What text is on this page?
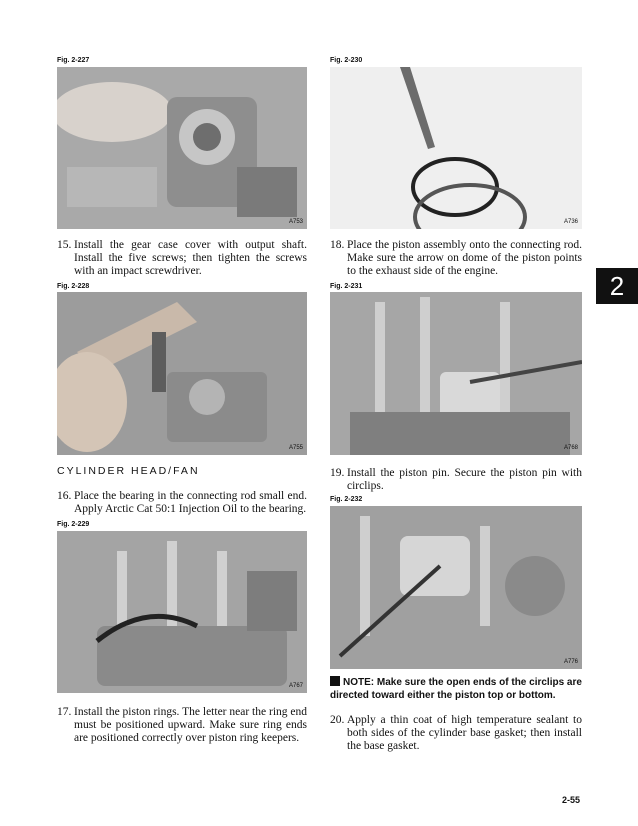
Fig. 2-227
A753
15. Install the gear case cover with output shaft. Install the five screws; then tighten the screws with an impact screwdriver.
Fig. 2-228
A755
CYLINDER HEAD/FAN
16. Place the bearing in the connecting rod small end. Apply Arctic Cat 50:1 Injection Oil to the bearing.
Fig. 2-229
A767
17. Install the piston rings. The letter near the ring end must be positioned upward. Make sure ring ends are positioned correctly over piston ring keepers.
Fig. 2-230
A736
18. Place the piston assembly onto the connecting rod. Make sure the arrow on dome of the piston points to the exhaust side of the engine.	2
Fig. 2-231
A768
19. Install the piston pin. Secure the piston pin with circlips.
Fig. 2-232
A776
NOTE: Make sure the open ends of the circlips are directed toward either the piston top or bottom.
20. Apply a thin coat of high temperature sealant to both sides of the cylinder base gasket; then install the base gasket.
2-55
